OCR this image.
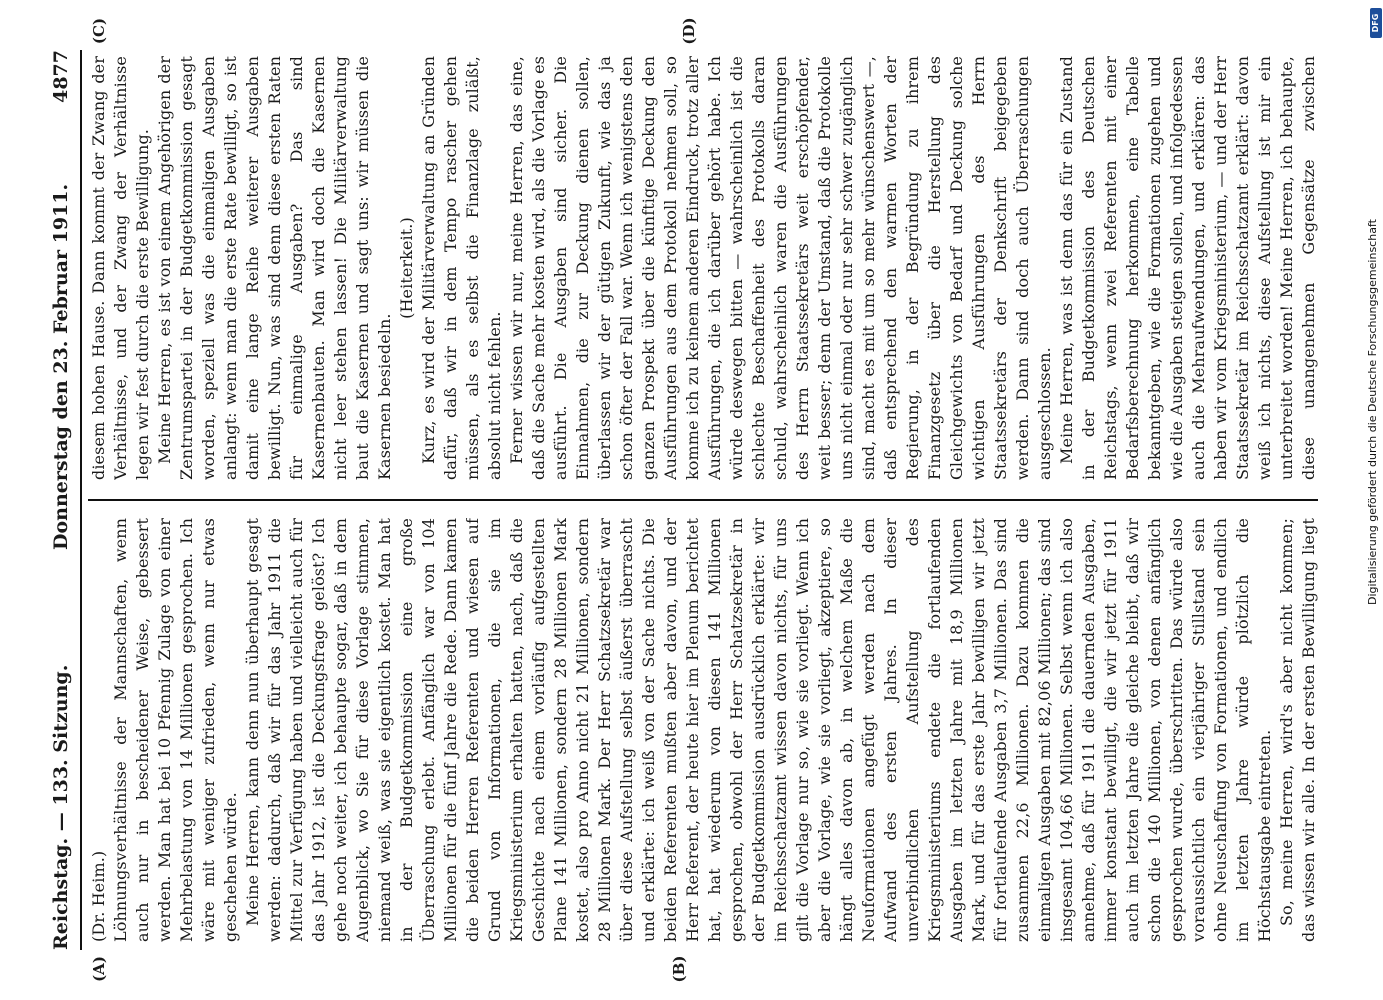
Reichstag. — 133. Sitzung.
Donnerstag den 23. Februar 1911.
4877
(A)	(B)
(C)	(D)

(Dr. Heim.) Löhnungsverhältnisse der Mannschaften, wenn auch nur in bescheidener Weise, gebessert werden. Man hat bei 10 Pfennig Zulage von einer Mehrbelastung von 14 Millionen gesprochen. Ich wäre mit weniger zufrieden, wenn nur etwas geschehen würde. Meine Herren, kann denn nun überhaupt gesagt werden: dadurch, daß wir für das Jahr 1911 die Mittel zur Verfügung haben und vielleicht auch für das Jahr 1912, ist die Deckungsfrage gelöst? Ich gehe noch weiter, ich behaupte sogar, daß in dem Augenblick, wo Sie für diese Vorlage stimmen, niemand weiß, was sie eigentlich kostet. Man hat in der Budgetkommission eine große Überraschung erlebt. Anfänglich war von 104 Millionen für die fünf Jahre die Rede. Dann kamen die beiden Herren Referenten und wiesen auf Grund von Informationen, die sie im Kriegsministerium erhalten hatten, nach, daß die Geschichte nach einem vorläufig aufgestellten Plane 141 Millionen, sondern 28 Millionen Mark kostet, also pro Anno nicht 21 Millionen, sondern 28 Millionen Mark. Der Herr Schatzsekretär war über diese Aufstellung selbst äußerst überrascht und erklärte: ich weiß von der Sache nichts. Die beiden Referenten mußten aber davon, und der Herr Referent, der heute hier im Plenum berichtet hat, hat wiederum von diesen 141 Millionen gesprochen, obwohl der Herr Schatzsekretär in der Budgetkommission ausdrücklich erklärte: wir im Reichsschatzamt wissen davon nichts, für uns gilt die Vorlage nur so, wie sie vorliegt. Wenn ich aber die Vorlage, wie sie vorliegt, akzeptiere, so hängt alles davon ab, in welchem Maße die Neuformationen angefügt werden nach dem Aufwand des ersten Jahres. In dieser unverbindlichen Aufstellung des Kriegsministeriums endete die fortlaufenden Ausgaben im letzten Jahre mit 18,9 Millionen Mark, und für das erste Jahr bewilligen wir jetzt für fortlaufende Ausgaben 3,7 Millionen. Das sind zusammen 22,6 Millionen. Dazu kommen die einmaligen Ausgaben mit 82,06 Millionen; das sind insgesamt 104,66 Millionen. Selbst wenn ich also annehme, daß für 1911 die dauernden Ausgaben, immer konstant bewilligt, die wir jetzt für 1911 auch im letzten Jahre die gleiche bleibt, daß wir schon die 140 Millionen, von denen anfänglich gesprochen wurde, überschritten. Das würde also voraussichtlich ein vierjähriger Stillstand sein ohne Neuschaffung von Formationen, und endlich im letzten Jahre würde plötzlich die Höchstausgabe eintreten. So, meine Herren, wird's aber nicht kommen; das wissen wir alle. In der ersten Bewilligung liegt

diesem hohen Hause. Dann kommt der Zwang der Verhältnisse, und der Zwang der Verhältnisse legen wir fest durch die erste Bewilligung. Meine Herren, es ist von einem Angehörigen der Zentrumspartei in der Budgetkommission gesagt worden, speziell was die einmaligen Ausgaben anlangt: wenn man die erste Rate bewilligt, so ist damit eine lange Reihe weiterer Ausgaben bewilligt. Nun, was sind denn diese ersten Raten für einmalige Ausgaben? Das sind Kasernenbauten. Man wird doch die Kasernen nicht leer stehen lassen! Die Militärverwaltung baut die Kasernen und sagt uns: wir müssen die Kasernen besiedeln.

(Heiterkeit.) Kurz, es wird der Militärverwaltung an Gründen dafür, daß wir in dem Tempo rascher gehen müssen, als es selbst die Finanzlage zuläßt, absolut nicht fehlen. Ferner wissen wir nur, meine Herren, das eine, daß die Sache mehr kosten wird, als die Vorlage es ausführt. Die Ausgaben sind sicher. Die Einnahmen, die zur Deckung dienen sollen, überlassen wir der gütigen Zukunft, wie das ja schon öfter der Fall war. Wenn ich wenigstens den ganzen Prospekt über die künftige Deckung den Ausführungen aus dem Protokoll nehmen soll, so komme ich zu keinem anderen Eindruck, trotz aller Ausführungen, die ich darüber gehört habe. Ich würde deswegen bitten — wahrscheinlich ist die schlechte Beschaffenheit des Protokolls daran schuld, wahrscheinlich waren die Ausführungen des Herrn Staatssekretärs weit erschöpfender, weit besser; denn der Umstand, daß die Protokolle uns nicht einmal oder nur sehr schwer zugänglich sind, macht es mit um so mehr wünschenswert —, daß entsprechend den warmen Worten der Regierung, in der Begründung zu ihrem Finanzgesetz über die Herstellung des Gleichgewichts von Bedarf und Deckung solche wichtigen Ausführungen des Herrn Staatssekretärs der Denkschrift beigegeben werden. Dann sind doch auch Überraschungen ausgeschlossen. Meine Herren, was ist denn das für ein Zustand in der Budgetkommission des Deutschen Reichstags, wenn zwei Referenten mit einer Bedarfsberechnung herkommen, eine Tabelle bekanntgeben, wie die Formationen zugehen und wie die Ausgaben steigen sollen, und infolgedessen auch die Mehraufwendungen, und erklären: das haben wir vom Kriegsministerium, — und der Herr Staatssekretär im Reichsschatzamt erklärt: davon weiß ich nichts, diese Aufstellung ist mir ein unterbreitet worden! Meine Herren, ich behaupte, diese unangenehmen Gegensätze zwischen

Digitalisierung gefördert durch die Deutsche Forschungsgemeinschaft
DFG
